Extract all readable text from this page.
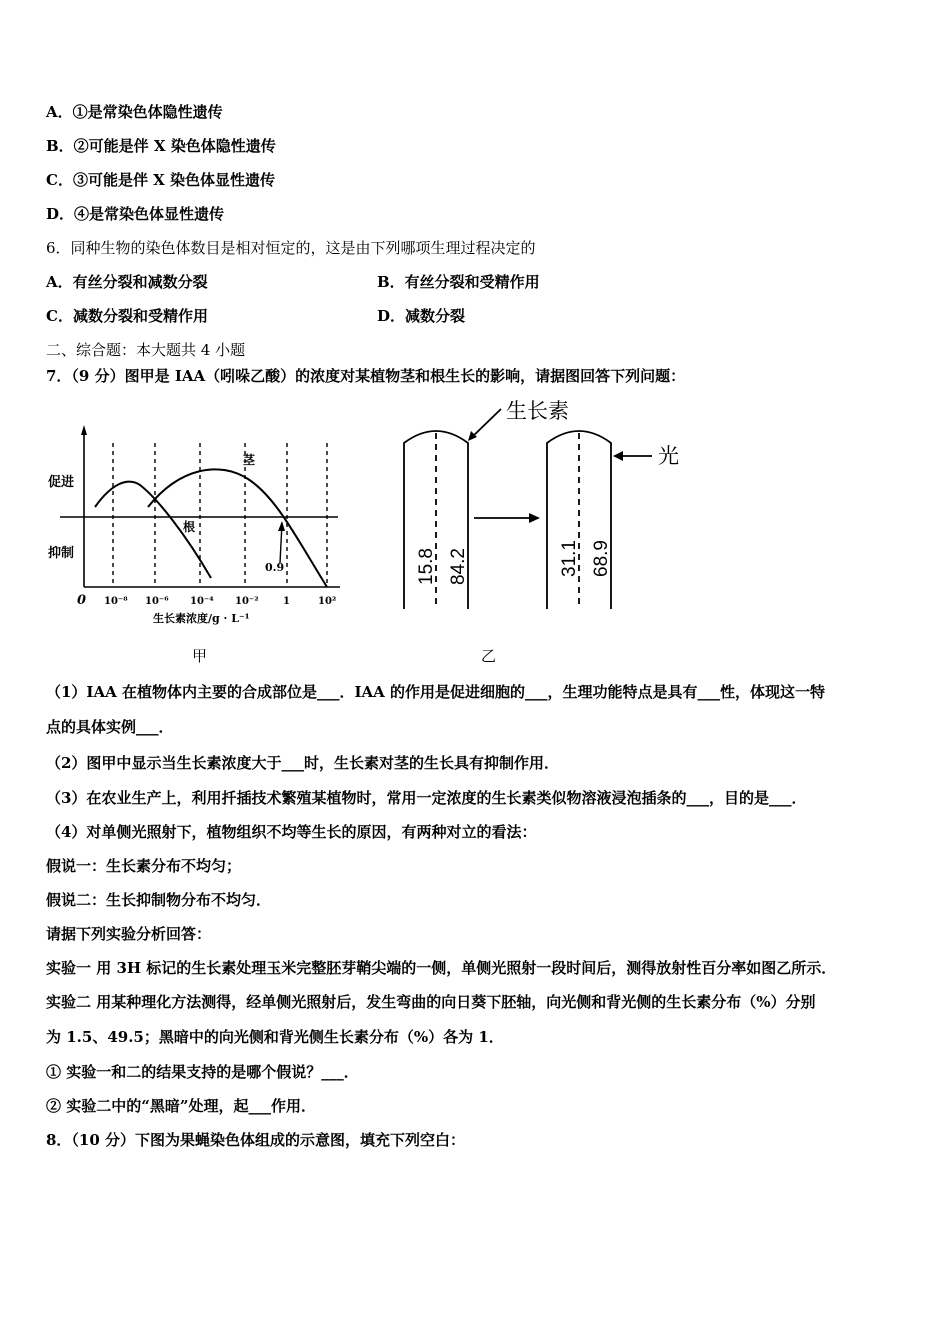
A．①是常染色体隐性遗传
B．②可能是伴 X 染色体隐性遗传
C．③可能是伴 X 染色体显性遗传
D．④是常染色体显性遗传
6．同种生物的染色体数目是相对恒定的，这是由下列哪项生理过程决定的
A．有丝分裂和减数分裂	B．有丝分裂和受精作用
C．减数分裂和受精作用	D．减数分裂
二、综合题：本大题共 4 小题
7．（9 分）图甲是 IAA（吲哚乙酸）的浓度对某植物茎和根生长的影响，请据图回答下列问题：
促进
抑制
0 10⁻⁸ 10⁻⁶ 10⁻⁴ 10⁻² 1	10²
生长素浓度/g · L⁻¹
茎
根
0.9
甲
生长素
光
15.8 84.2	31.1 68.9
乙
（1）IAA 在植物体内主要的合成部位是___．IAA 的作用是促进细胞的___，生理功能特点是具有___性，体现这一特
点的具体实例___．
（2）图甲中显示当生长素浓度大于___时，生长素对茎的生长具有抑制作用．
（3）在农业生产上，利用扦插技术繁殖某植物时，常用一定浓度的生长素类似物溶液浸泡插条的___，目的是___．
（4）对单侧光照射下，植物组织不均等生长的原因，有两种对立的看法：
假说一：生长素分布不均匀；
假说二：生长抑制物分布不均匀．
请据下列实验分析回答：
实验一 用 3H 标记的生长素处理玉米完整胚芽鞘尖端的一侧，单侧光照射一段时间后，测得放射性百分率如图乙所示．
实验二 用某种理化方法测得，经单侧光照射后，发生弯曲的向日葵下胚轴，向光侧和背光侧的生长素分布（%）分别
为 1.5、49.5；黑暗中的向光侧和背光侧生长素分布（%）各为 1．
① 实验一和二的结果支持的是哪个假说？___．
② 实验二中的“黑暗”处理，起___作用．
8．（10 分）下图为果蝇染色体组成的示意图，填充下列空白：
